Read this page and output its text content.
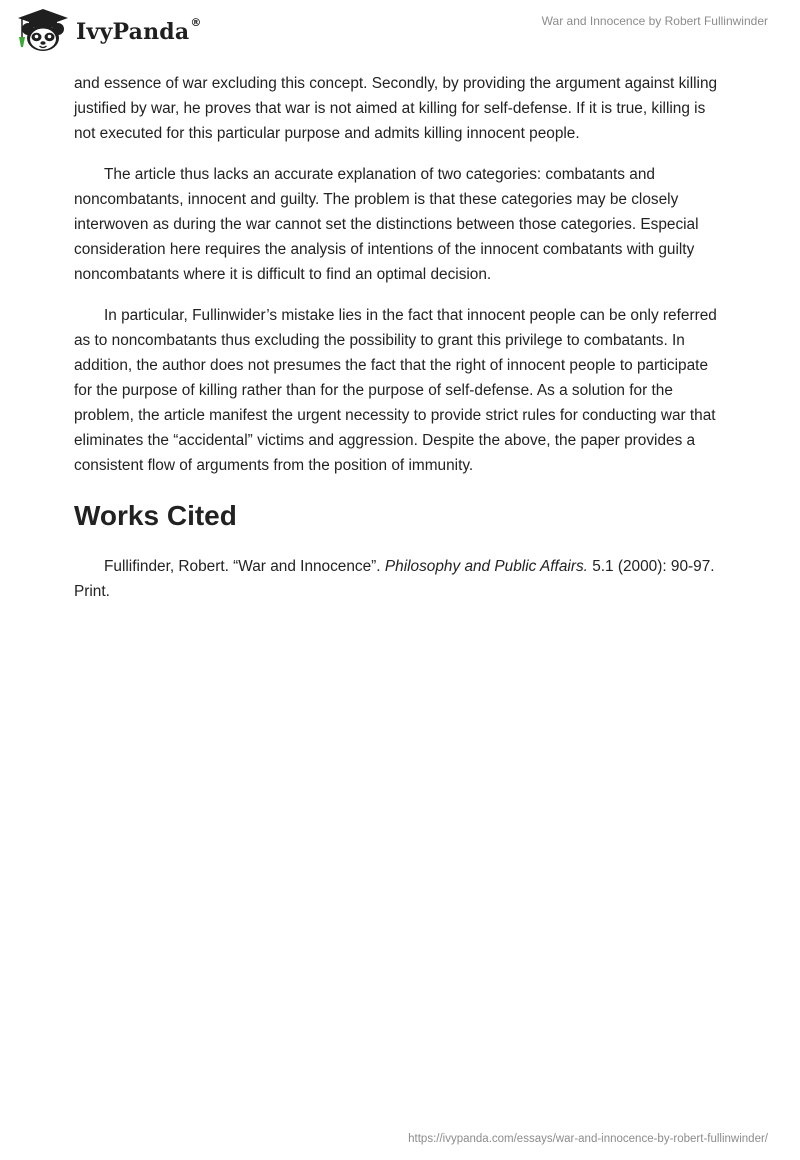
IvyPanda®	War and Innocence by Robert Fullinwinder

and essence of war excluding this concept. Secondly, by providing the argument against killing justified by war, he proves that war is not aimed at killing for self-defense. If it is true, killing is not executed for this particular purpose and admits killing innocent people.

The article thus lacks an accurate explanation of two categories: combatants and noncombatants, innocent and guilty. The problem is that these categories may be closely interwoven as during the war cannot set the distinctions between those categories. Especial consideration here requires the analysis of intentions of the innocent combatants with guilty noncombatants where it is difficult to find an optimal decision.

In particular, Fullinwider’s mistake lies in the fact that innocent people can be only referred as to noncombatants thus excluding the possibility to grant this privilege to combatants. In addition, the author does not presumes the fact that the right of innocent people to participate for the purpose of killing rather than for the purpose of self-defense. As a solution for the problem, the article manifest the urgent necessity to provide strict rules for conducting war that eliminates the “accidental” victims and aggression. Despite the above, the paper provides a consistent flow of arguments from the position of immunity.

Works Cited

Fullifinder, Robert. “War and Innocence”. Philosophy and Public Affairs. 5.1 (2000): 90-97. Print.

https://ivypanda.com/essays/war-and-innocence-by-robert-fullinwinder/
